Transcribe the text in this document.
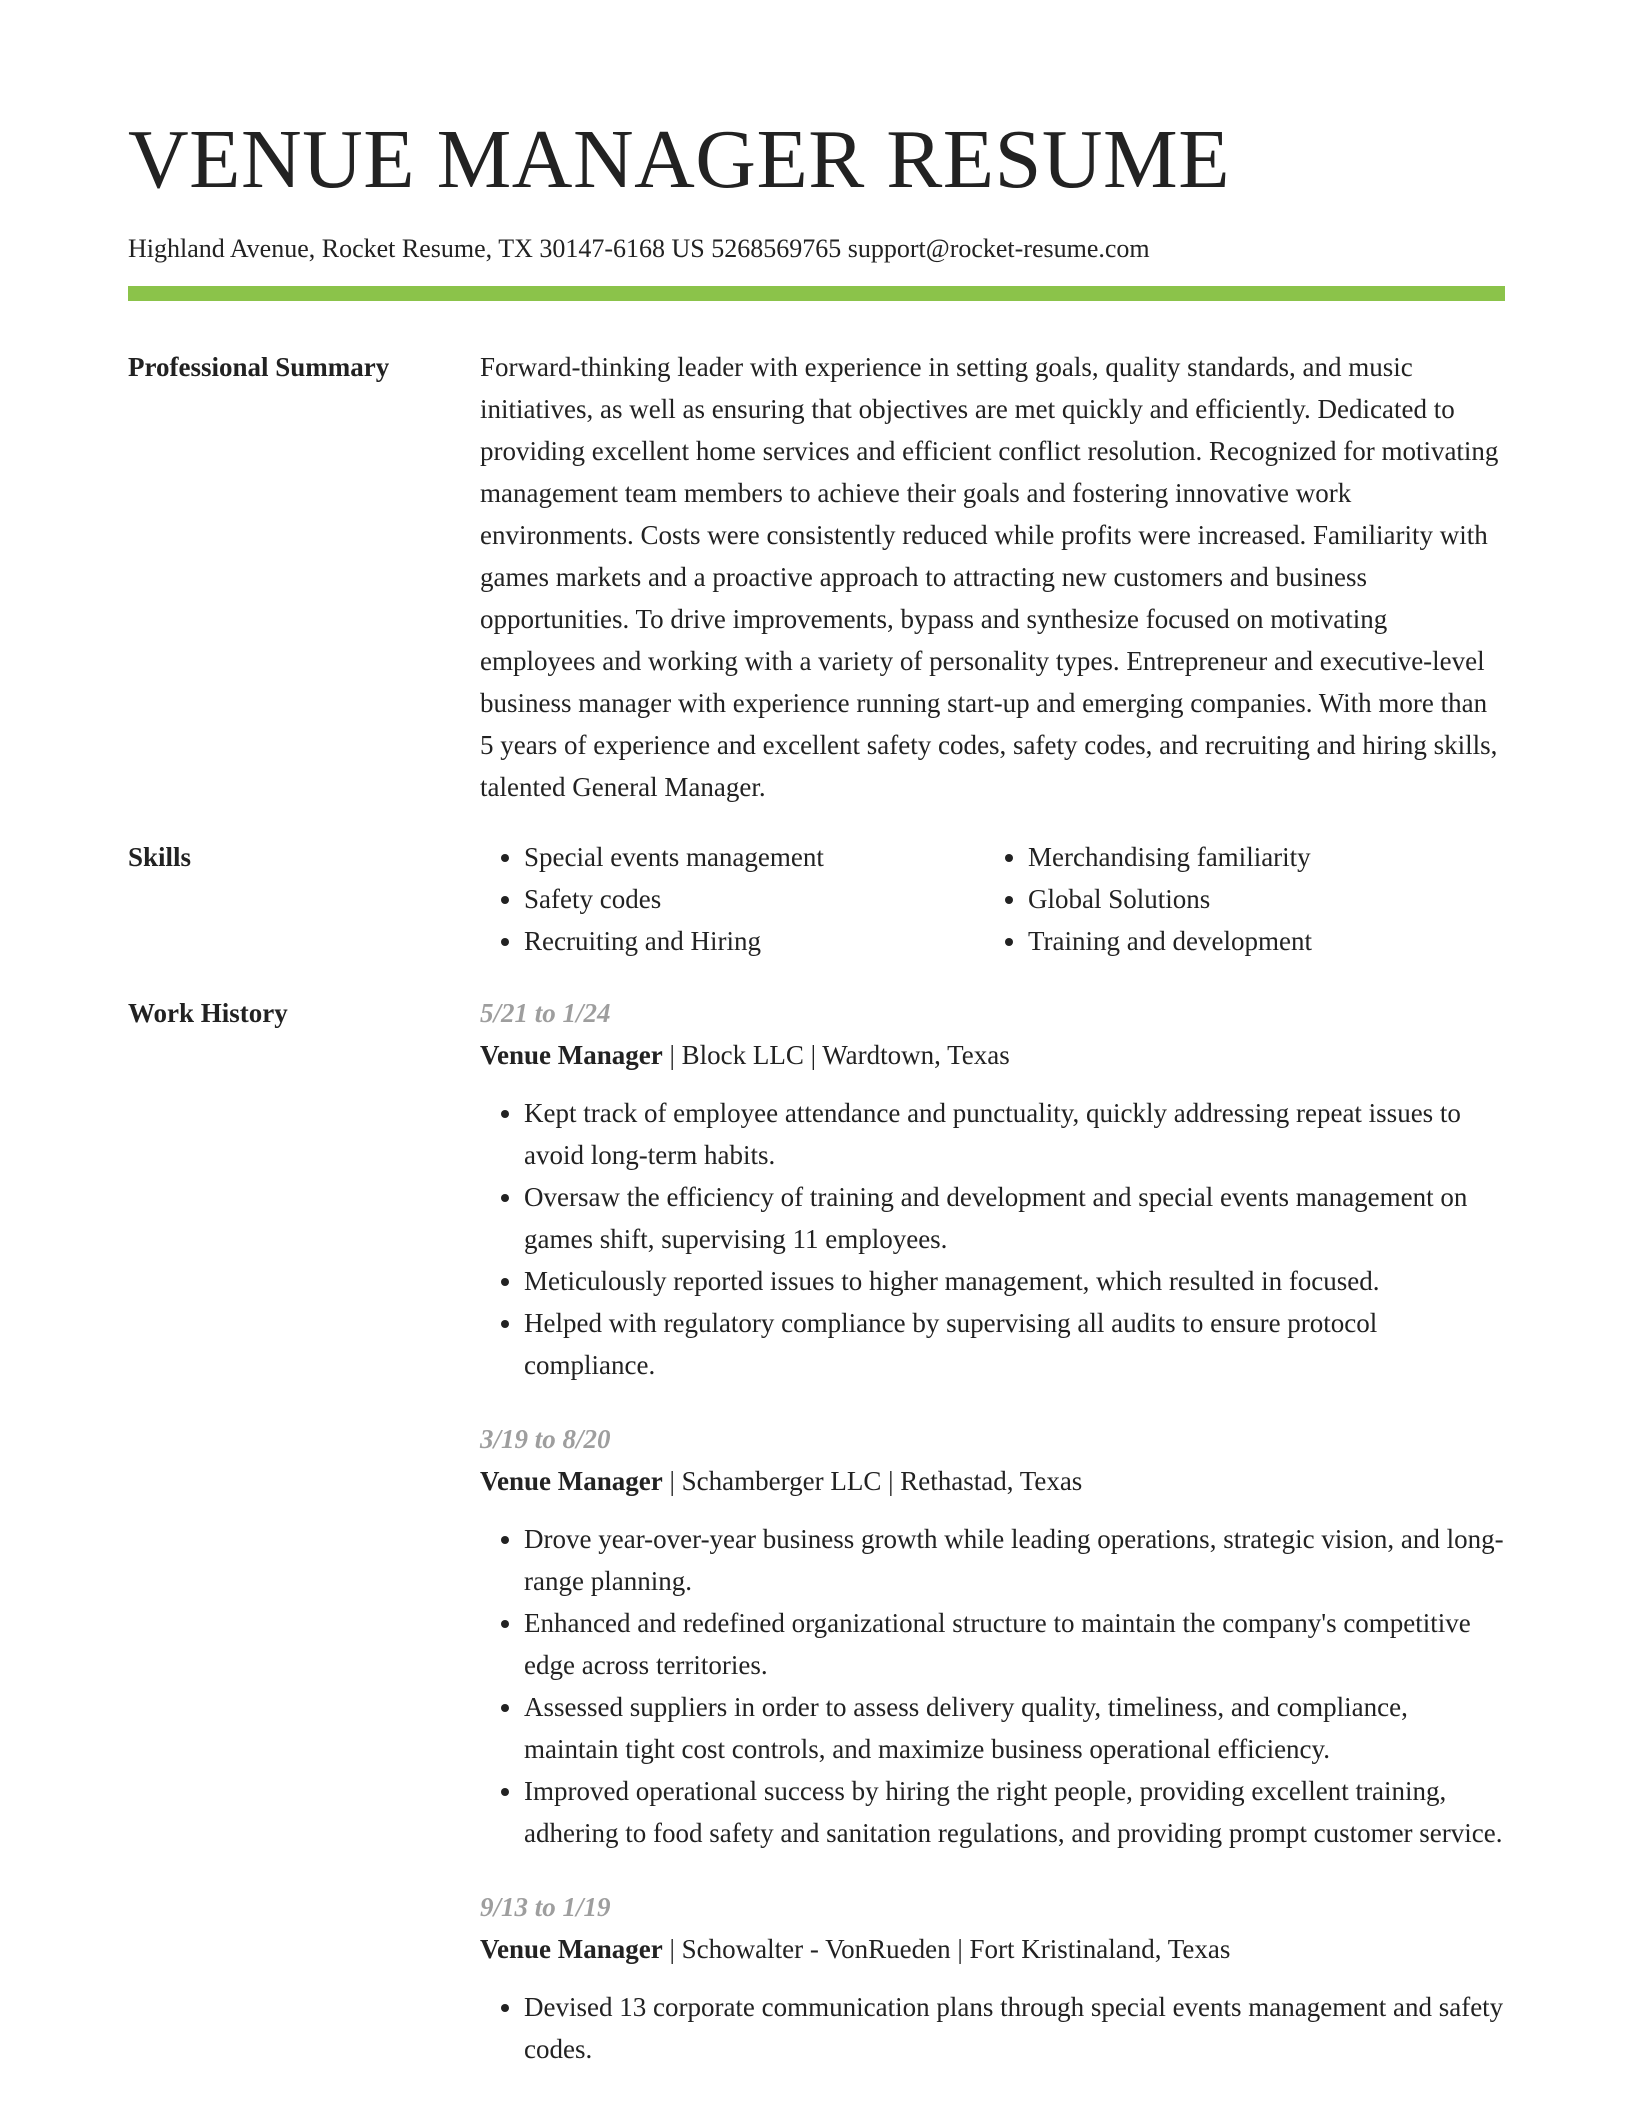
VENUE MANAGER RESUME
Highland Avenue, Rocket Resume, TX 30147-6168 US 5268569765 support@rocket-resume.com
Professional Summary	Forward-thinking leader with experience in setting goals, quality standards, and music initiatives, as well as ensuring that objectives are met quickly and efficiently. Dedicated to providing excellent home services and efficient conflict resolution. Recognized for motivating management team members to achieve their goals and fostering innovative work environments. Costs were consistently reduced while profits were increased. Familiarity with games markets and a proactive approach to attracting new customers and business opportunities. To drive improvements, bypass and synthesize focused on motivating employees and working with a variety of personality types. Entrepreneur and executive-level business manager with experience running start-up and emerging companies. With more than 5 years of experience and excellent safety codes, safety codes, and recruiting and hiring skills, talented General Manager.

Skills
•	Special events management
• Safety codes
• Recruiting and Hiring
• Merchandising familiarity
• Global Solutions
• Training and development
Work History	5/21 to 1/24
Venue Manager | Block LLC | Wardtown, Texas
• Kept track of employee attendance and punctuality, quickly addressing repeat issues to avoid long-term habits.
• Oversaw the efficiency of training and development and special events management on games shift, supervising 11 employees.
• Meticulously reported issues to higher management, which resulted in focused.
• Helped with regulatory compliance by supervising all audits to ensure protocol compliance.
3/19 to 8/20
Venue Manager | Schamberger LLC | Rethastad, Texas
• Drove year-over-year business growth while leading operations, strategic vision, and long-range planning.
• Enhanced and redefined organizational structure to maintain the company's competitive edge across territories.
• Assessed suppliers in order to assess delivery quality, timeliness, and compliance, maintain tight cost controls, and maximize business operational efficiency.
• Improved operational success by hiring the right people, providing excellent training, adhering to food safety and sanitation regulations, and providing prompt customer service.
9/13 to 1/19
Venue Manager | Schowalter - VonRueden | Fort Kristinaland, Texas
• Devised 13 corporate communication plans through special events management and safety codes.
